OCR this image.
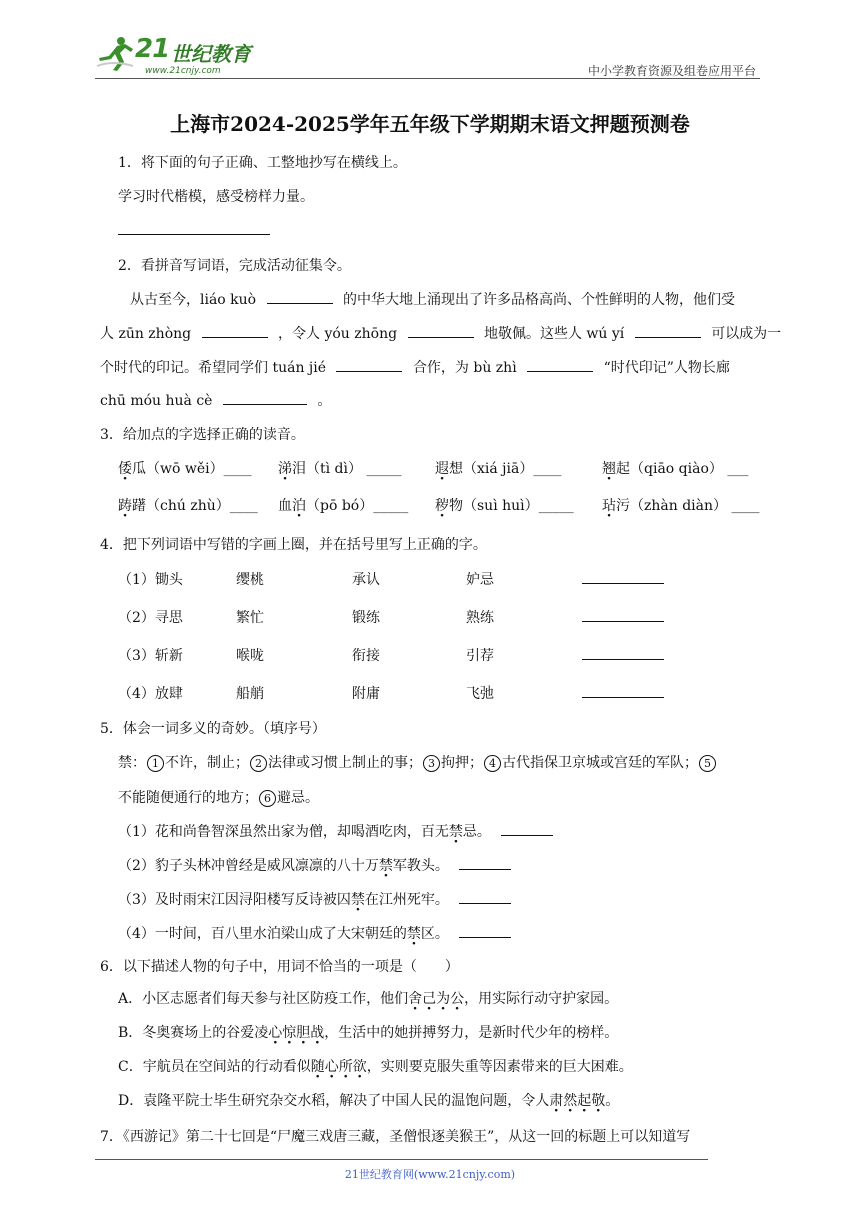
21 世纪教育
www.21cnjy.com	中小学教育资源及组卷应用平台
上海市2024-2025学年五年级下学期期末语文押题预测卷
1．将下面的句子正确、工整地抄写在横线上。
学习时代楷模，感受榜样力量。
2．看拼音写词语，完成活动征集令。
从古至今，liáo kuò	的中华大地上涌现出了许多品格高尚、个性鲜明的人物，他们受
人 zūn zhòng	，令人 yóu zhōng	地敬佩。这些人 wú yí	可以成为一
个时代的印记。希望同学们 tuán jié	合作，为 bù zhì	“时代印记”人物长廊
chū móu huà cè	。
3．给加点的字选择正确的读音。
倭瓜（wō wěi）____ 涕泪（tì dì） _____ 遐想（xiá jiā）____	翘起（qiāo qiào） ___
踌躇（chú zhù）____ 血泊（pō bó）_____ 秽物（suì huì）_____ 玷污（zhàn diàn） ____
4．把下列词语中写错的字画上圈，并在括号里写上正确的字。
（1）锄头	缨桃	承认	妒忌
（2）寻思	繁忙	锻练	熟练
（3）斩新	喉咙	衔接	引荐
（4）放肆	船艄	附庸	飞弛
5．体会一词多义的奇妙。（填序号）
禁： 1 不许，制止； 2 法律或习惯上制止的事； 3 拘押； 4 古代指保卫京城或宫廷的军队； 5
不能随便通行的地方； 6 避忌。
（1）花和尚鲁智深虽然出家为僧，却喝酒吃肉，百无禁忌。
（2）豹子头林冲曾经是威风凛凛的八十万禁军教头。
（3）及时雨宋江因浔阳楼写反诗被囚禁在江州死牢。
（4）一时间，百八里水泊梁山成了大宋朝廷的禁区。
6．以下描述人物的句子中，用词不恰当的一项是（　　）
A．小区志愿者们每天参与社区防疫工作，他们舍己为公，用实际行动守护家园。
B．冬奥赛场上的谷爱凌心惊胆战，生活中的她拼搏努力，是新时代少年的榜样。
C．宇航员在空间站的行动看似随心所欲，实则要克服失重等因素带来的巨大困难。
D．袁隆平院士毕生研究杂交水稻，解决了中国人民的温饱问题，令人肃然起敬。
7．《西游记》第二十七回是“尸魔三戏唐三藏，圣僧恨逐美猴王”，从这一回的标题上可以知道写
21世纪教育网(www.21cnjy.com)
